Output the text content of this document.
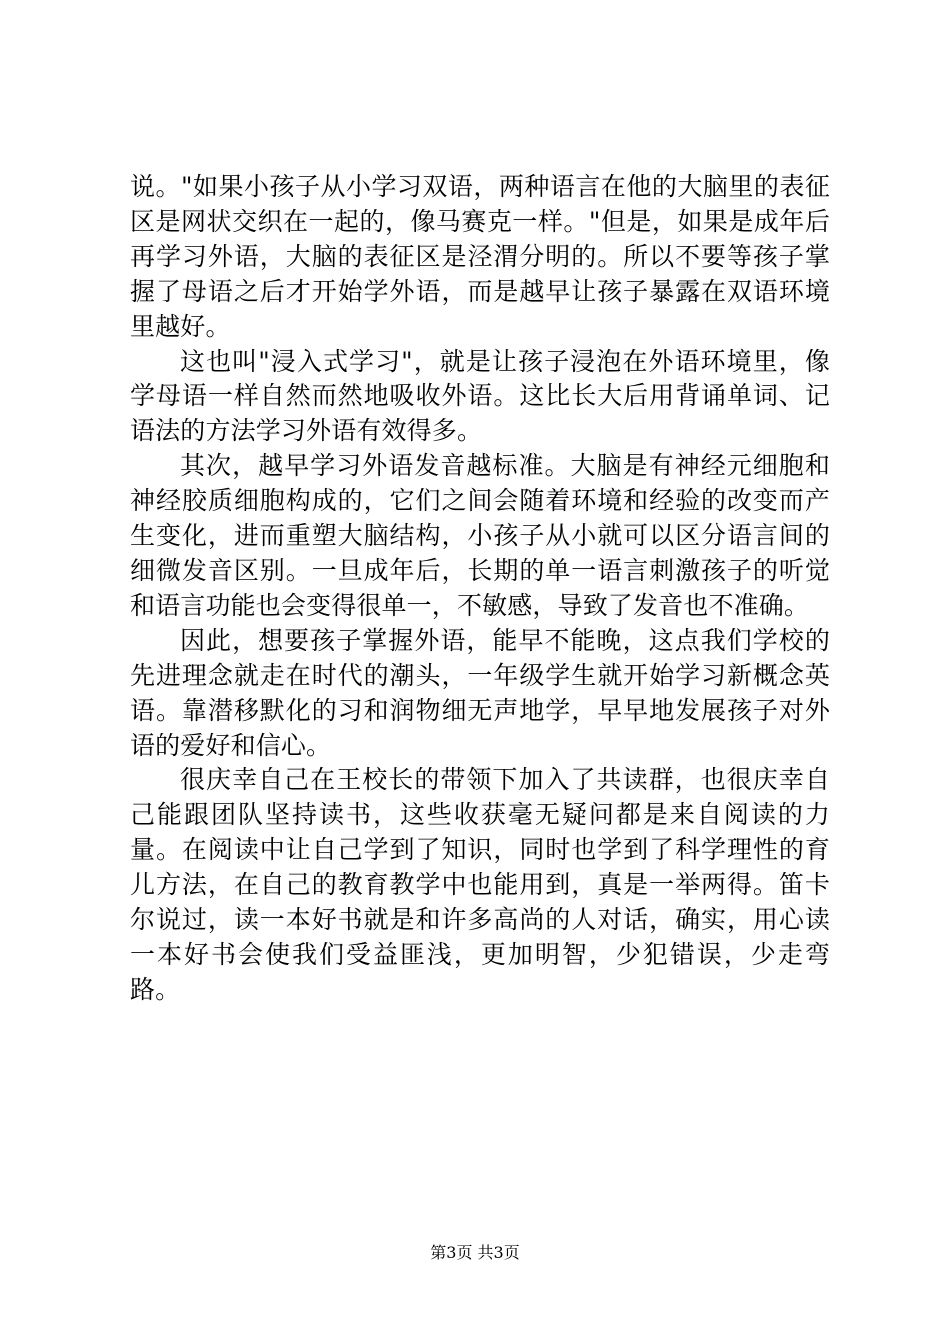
说。"如果小孩子从小学习双语，两种语言在他的大脑里的表征区是网状交织在一起的，像马赛克一样。"但是，如果是成年后再学习外语，大脑的表征区是泾渭分明的。所以不要等孩子掌握了母语之后才开始学外语，而是越早让孩子暴露在双语环境里越好。

这也叫"浸入式学习"，就是让孩子浸泡在外语环境里，像学母语一样自然而然地吸收外语。这比长大后用背诵单词、记语法的方法学习外语有效得多。

其次，越早学习外语发音越标准。大脑是有神经元细胞和神经胶质细胞构成的，它们之间会随着环境和经验的改变而产生变化，进而重塑大脑结构，小孩子从小就可以区分语言间的细微发音区别。一旦成年后，长期的单一语言刺激孩子的听觉和语言功能也会变得很单一，不敏感，导致了发音也不准确。

因此，想要孩子掌握外语，能早不能晚，这点我们学校的先进理念就走在时代的潮头，一年级学生就开始学习新概念英语。靠潜移默化的习和润物细无声地学，早早地发展孩子对外语的爱好和信心。

很庆幸自己在王校长的带领下加入了共读群，也很庆幸自己能跟团队坚持读书，这些收获毫无疑问都是来自阅读的力量。在阅读中让自己学到了知识，同时也学到了科学理性的育儿方法，在自己的教育教学中也能用到，真是一举两得。笛卡尔说过，读一本好书就是和许多高尚的人对话，确实，用心读一本好书会使我们受益匪浅，更加明智，少犯错误，少走弯路。

第3页 共3页
